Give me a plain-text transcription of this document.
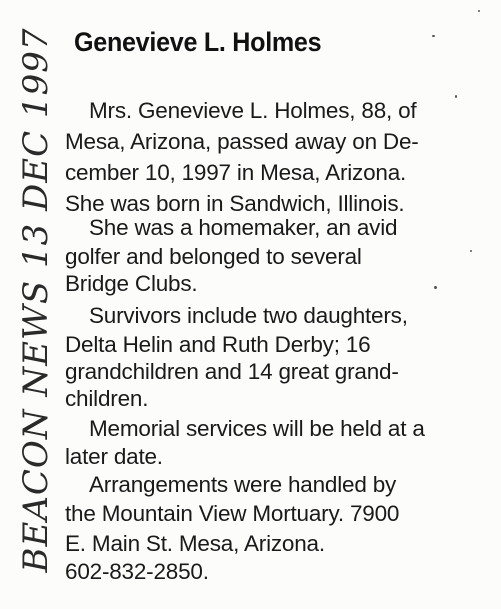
Genevieve L. Holmes

Mrs. Genevieve L. Holmes, 88, of

Mesa, Arizona, passed away on De-

cember 10, 1997 in Mesa, Arizona.

She was born in Sandwich, Illinois.

She was a homemaker, an avid

golfer and belonged to several

Bridge Clubs.

Survivors include two daughters,

Delta Helin and Ruth Derby; 16

grandchildren and 14 great grand-

children.

Memorial services will be held at a

later date.

Arrangements were handled by

the Mountain View Mortuary. 7900

E. Main St. Mesa, Arizona.

602-832-2850.

BEACON NEWS 13 DEC 1997
